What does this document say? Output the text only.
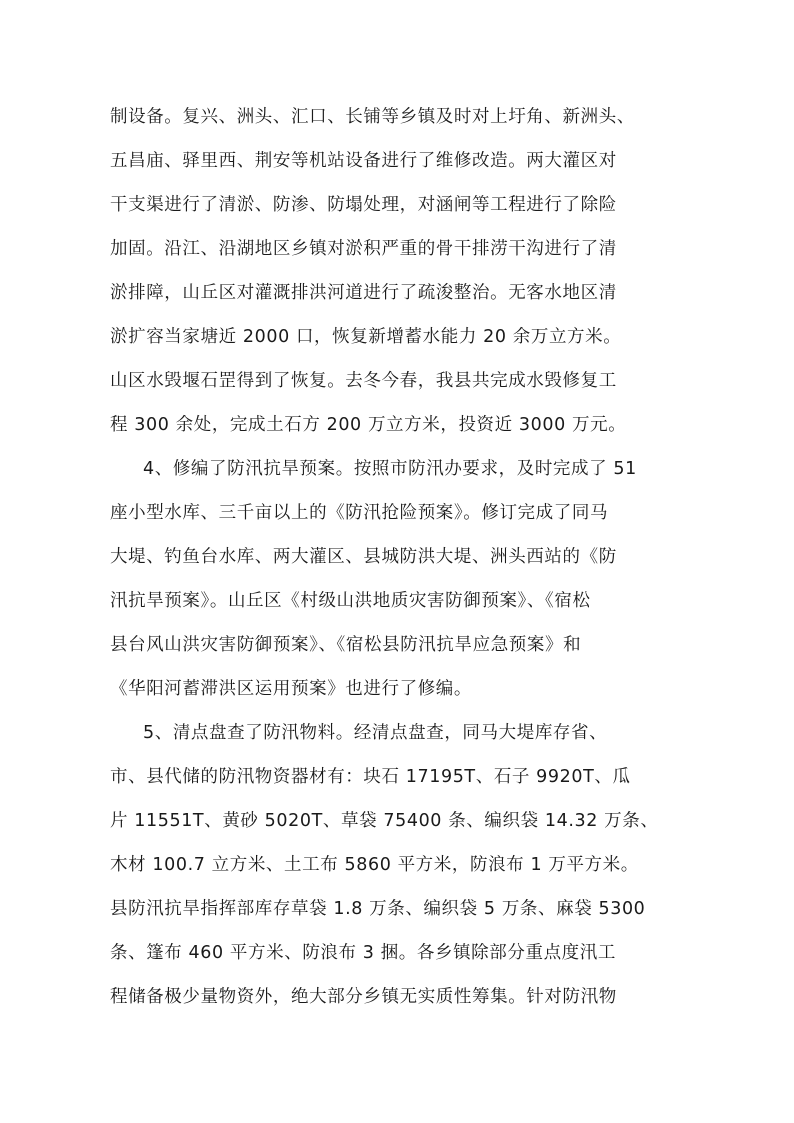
制设备。复兴、洲头、汇口、长铺等乡镇及时对上圩角、新洲头、
五昌庙、驿里西、荆安等机站设备进行了维修改造。两大灌区对
干支渠进行了清淤、防渗、防塌处理，对涵闸等工程进行了除险
加固。沿江、沿湖地区乡镇对淤积严重的骨干排涝干沟进行了清
淤排障，山丘区对灌溉排洪河道进行了疏浚整治。无客水地区清
淤扩容当家塘近 2000 口，恢复新增蓄水能力 20 余万立方米。
山区水毁堰石罡得到了恢复。去冬今春，我县共完成水毁修复工
程 300 余处，完成土石方 200 万立方米，投资近 3000 万元。
4、修编了防汛抗旱预案。按照市防汛办要求，及时完成了 51
座小型水库、三千亩以上的《防汛抢险预案》。修订完成了同马
大堤、钓鱼台水库、两大灌区、县城防洪大堤、洲头西站的《防
汛抗旱预案》。山丘区《村级山洪地质灾害防御预案》、《宿松
县台风山洪灾害防御预案》、《宿松县防汛抗旱应急预案》和
《华阳河蓄滞洪区运用预案》也进行了修编。
5、清点盘查了防汛物料。经清点盘查，同马大堤库存省、
市、县代储的防汛物资器材有：块石 17195T、石子 9920T、瓜
片 11551T、黄砂 5020T、草袋 75400 条、编织袋 14.32 万条、
木材 100.7 立方米、土工布 5860 平方米，防浪布 1 万平方米。
县防汛抗旱指挥部库存草袋 1.8 万条、编织袋 5 万条、麻袋 5300
条、篷布 460 平方米、防浪布 3 捆。各乡镇除部分重点度汛工
程储备极少量物资外，绝大部分乡镇无实质性筹集。针对防汛物
